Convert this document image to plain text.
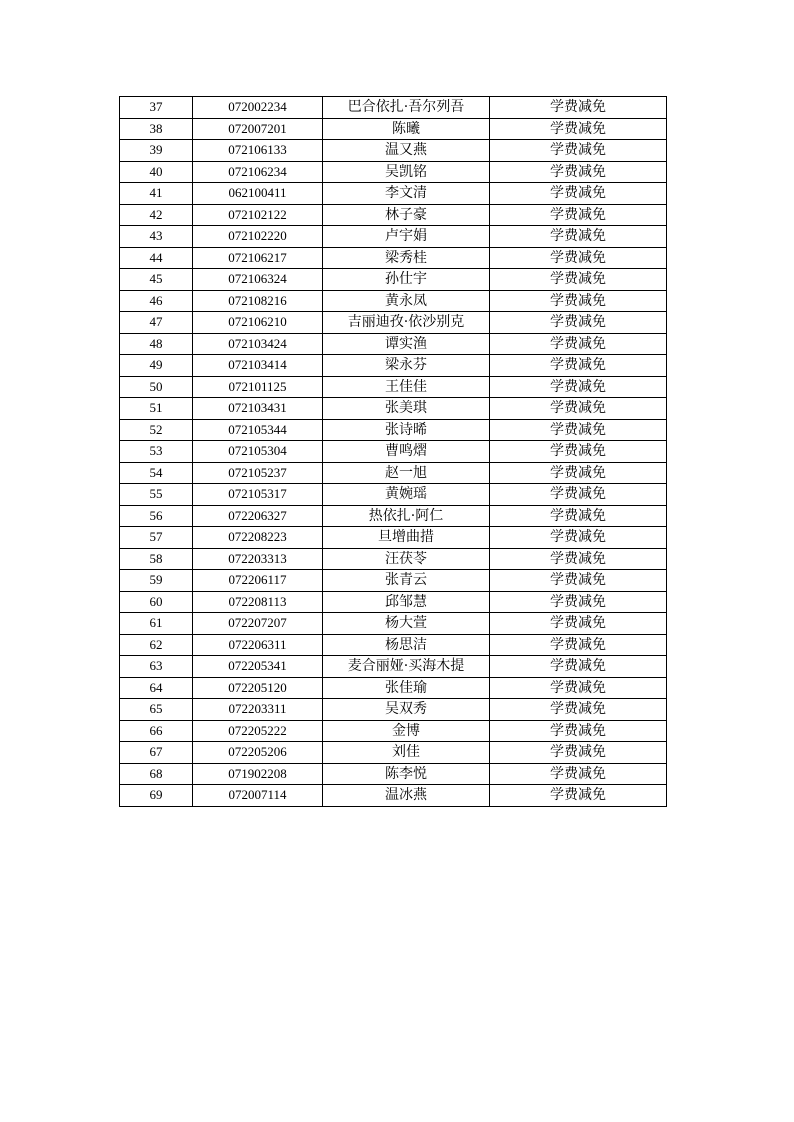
37	072002234	巴合依扎·吾尔列吾	学费减免
38	072007201	陈曦	学费减免
39	072106133	温又燕	学费减免
40	072106234	吴凯铭	学费减免
41	062100411	李文清	学费减免
42	072102122	林子豪	学费减免
43	072102220	卢宇娟	学费减免
44	072106217	梁秀桂	学费减免
45	072106324	孙仕宇	学费减免
46	072108216	黄永凤	学费减免
47	072106210	吉丽迪孜·依沙别克	学费减免
48	072103424	谭实渔	学费减免
49	072103414	梁永芬	学费减免
50	072101125	王佳佳	学费减免
51	072103431	张美琪	学费减免
52	072105344	张诗晞	学费减免
53	072105304	曹鸣熠	学费减免
54	072105237	赵一旭	学费减免
55	072105317	黄婉瑶	学费减免
56	072206327	热依扎·阿仁	学费减免
57	072208223	旦增曲措	学费减免
58	072203313	汪茯苓	学费减免
59	072206117	张青云	学费减免
60	072208113	邱邹慧	学费减免
61	072207207	杨大萱	学费减免
62	072206311	杨思洁	学费减免
63	072205341	麦合丽娅·买海木提	学费减免
64	072205120	张佳瑜	学费减免
65	072203311	吴双秀	学费减免
66	072205222	金博	学费减免
67	072205206	刘佳	学费减免
68	071902208	陈李悦	学费减免
69	072007114	温冰燕	学费减免
